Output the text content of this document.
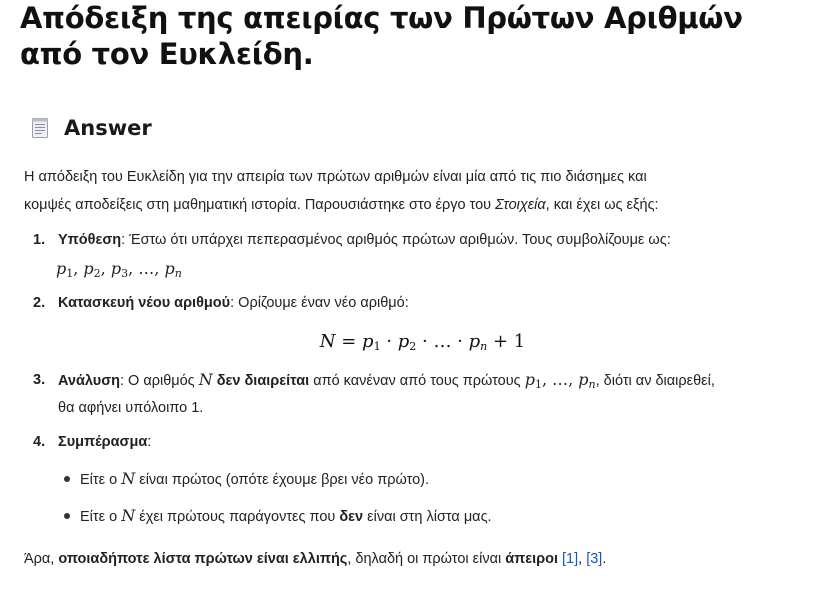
Απόδειξη της απειρίας των Πρώτων Αριθμών
από τον Ευκλείδη.
Answer
Η απόδειξη του Ευκλείδη για την απειρία των πρώτων αριθμών είναι μία από τις πιο διάσημες και
κομψές αποδείξεις στη μαθηματική ιστορία. Παρουσιάστηκε στο έργο του Στοιχεία, και έχει ως εξής:
1. Υπόθεση: Έστω ότι υπάρχει πεπερασμένος αριθμός πρώτων αριθμών. Τους συμβολίζουμε ως:
$p_1$, $p_2$, $p_3$, …, pn
2. Κατασκευή νέου αριθμού: Ορίζουμε έναν νέο αριθμό:
$N = p_1 \cdot p_2$ · … · pn + 1
3. Ανάλυση: Ο αριθμός N δεν διαιρείται από κανέναν από τους πρώτους $p_1$, …, pn, διότι αν διαιρεθεί,
θα αφήνει υπόλοιπο 1.
4. Συμπέρασμα:
Είτε ο N είναι πρώτος (οπότε έχουμε βρει νέο πρώτο).
Είτε ο N έχει πρώτους παράγοντες που δεν είναι στη λίστα μας.
Άρα, οποιαδήποτε λίστα πρώτων είναι ελλιπής, δηλαδή οι πρώτοι είναι άπειροι [1], [3].
